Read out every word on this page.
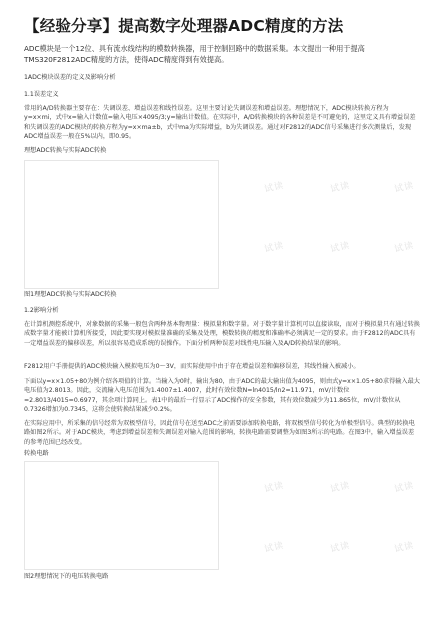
【经验分享】提高数字处理器ADC精度的方法
ADC模块是一个12位、具有流水线结构的模数转换器，用于控制回路中的数据采集。本文提出一种用于提高TMS320F2812ADC精度的方法，使得ADC精度得到有效提高。
1ADC模块误差的定义及影响分析
1.1误差定义
常用的A/D转换器主要存在：失调误差、增益误差和线性误差。这里主要讨论失调误差和增益误差。理想情况下，ADC模块转换方程为y=x×mi，式中x=输入计数值=输入电压×4095/3;y=输出计数值。在实际中，A/D转换模块的各种误差是不可避免的，这里定义具有增益误差和失调误差的ADC模块的转换方程为y=x×ma±b，式中ma为实际增益，b为失调误差。通过对F2812的ADC信号采集进行多次测量后，发现ADC增益误差一般在5%以内，即0.95。
理想ADC转换与实际ADC转换
图1理想ADC转换与实际ADC转换
1.2影响分析
在计算机测控系统中，对象数据的采集一般包含两种基本物理量：模拟量和数字量。对于数字量计算机可以直接读取，而对于模拟量只有通过转换成数字量才能被计算机所接受，因此要实现对模拟量准确的采集及处理，模数转换的精度和准确率必须满足一定的要求。由于F2812的ADC具有一定增益误差的偏移误差，所以很容易造成系统的误操作。下面分析两种误差对线性电压输入及A/D转换结果的影响。
F2812用户手册提供的ADC模块输入模拟电压为0～3V，而实际使用中由于存在增益误差和偏移误差，其线性输入被减小。
下面以y=x×1.05+80为例介绍各项值的计算。当输入为0时，输出为80，由于ADC的最大输出值为4095，则由式y=x×1.05+80求得输入最大电压值为2.8013。因此，交流输入电压范围为1.4007±1.4007，此时有效位数N=ln4015/ln2=11.971，mV/计数位=2.8013/4015=0.6977，其余项计算同上。表1中的最后一行显示了ADC操作的安全参数，其有效位数减少为11.865位，mV/计数位从0.7326增加为0.7345，这将会使转换结果减少0.2%。
在实际应用中，所采集的信号经常为双极型信号，因此信号在送至ADC之前需要添加转换电路，将双极型信号转化为单极型信号。典型的转换电路如图2所示。对于ADC模块，考虑到增益误差和失调误差对输入范围的影响，转换电路需要调整为如图3所示的电路。在图3中，输入增益误差的参考范围已经改变。
转换电路
图2理想情况下的电压转换电路
试读	试读	试读
试读	试读	试读
试读	试读	试读
试读	试读	试读
